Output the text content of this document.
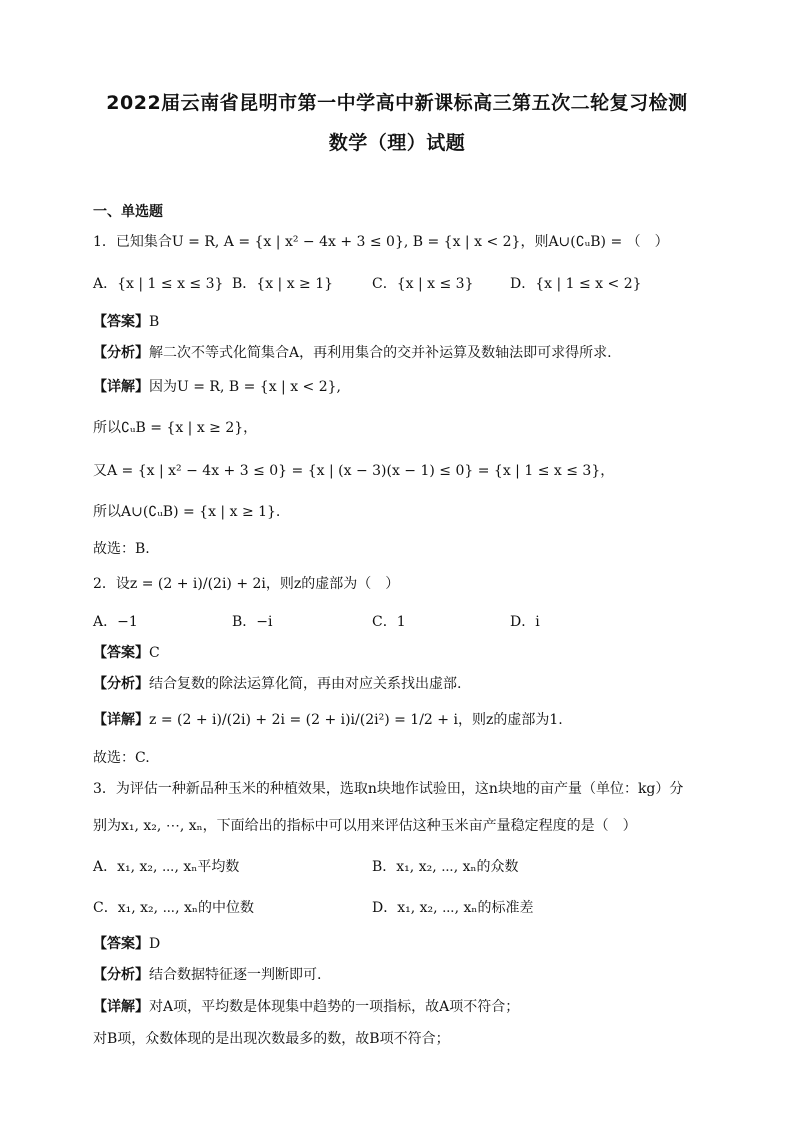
2022届云南省昆明市第一中学高中新课标高三第五次二轮复习检测
数学（理）试题
一、单选题
1．已知集合U = R, A = {x | x² − 4x + 3 ≤ 0}, B = {x | x < 2}，则A∪(∁ᵤB) = （　）
A．{x | 1 ≤ x ≤ 3} B．{x | x ≥ 1}	C．{x | x ≤ 3}	D．{x | 1 ≤ x < 2}
【答案】B
【分析】解二次不等式化简集合A，再利用集合的交并补运算及数轴法即可求得所求.
【详解】因为U = R, B = {x | x < 2},
所以∁ᵤB = {x | x ≥ 2}，
又A = {x | x² − 4x + 3 ≤ 0} = {x | (x − 3)(x − 1) ≤ 0} = {x | 1 ≤ x ≤ 3}，
所以A∪(∁ᵤB) = {x | x ≥ 1}.
故选：B.
2．设z = (2 + i)/(2i) + 2i，则z的虚部为（　）
A．−1	B．−i	C．1	D．i
【答案】C
【分析】结合复数的除法运算化简，再由对应关系找出虚部.
【详解】z = (2 + i)/(2i) + 2i = (2 + i)i/(2i²) = 1/2 + i，则z的虚部为1.
故选：C.
3．为评估一种新品种玉米的种植效果，选取n块地作试验田，这n块地的亩产量（单位：kg）分
别为x₁, x₂, ⋯, xₙ，下面给出的指标中可以用来评估这种玉米亩产量稳定程度的是（　）
A．x₁, x₂, ⋯, xₙ平均数	B．x₁, x₂, ⋯, xₙ的众数
C．x₁, x₂, ⋯, xₙ的中位数	D．x₁, x₂, ⋯, xₙ的标准差
【答案】D
【分析】结合数据特征逐一判断即可.
【详解】对A项，平均数是体现集中趋势的一项指标，故A项不符合；
对B项，众数体现的是出现次数最多的数，故B项不符合；
